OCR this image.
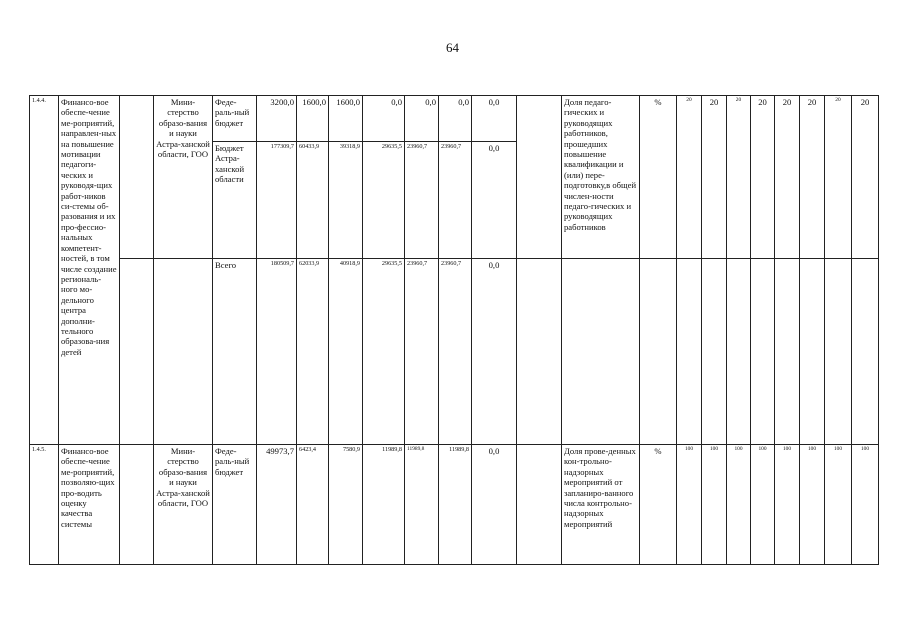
64
1.4.4.	Финансо-вое обеспе-чение ме-роприятий, направлен-ных на повышение мотивации педагоги-ческих и руководя-щих работ-ников си-стемы об-разования и их про-фессио-нальных компетент-ностей, в том числе создание региональ-ного мо-дельного центра дополни-тельного образова-ния детей		Мини-стерство образо-вания и науки Астра-ханской области, ГОО	Феде-раль-ный бюджет	3200,0	1600,0	1600,0	0,0	0,0	0,0	0,0		Доля педаго-гических и руководящих работников, прошедших повышение квалификации и (или) пере-подготовку,в общей числен-ности педаго-гических и руководящих работников	%	20	20	20	20	20	20	20	20
				Бюджет Астра-ханской области	177309,7	60433,9	39318,9	29635,5	23960,7	23960,7	0,0											
				Всего	180509,7	62033,9	40918,9	29635,5	23960,7	23960,7	0,0											
1.4.5.	Финансо-вое обеспе-чение ме-роприятий, позволяю-щих про-водить оценку качества системы		Мини-стерство образо-вания и науки Астра-ханской области, ГОО	Феде-раль-ный бюджет	49973,7	6423,4	7580,9	11989,8	11989,8	11989,8	0,0		Доля прове-денных кон-трольно-надзорных мероприятий от запланиро-ванного числа контрольно-надзорных мероприятий	%	100	100	100	100	100	100	100	100
